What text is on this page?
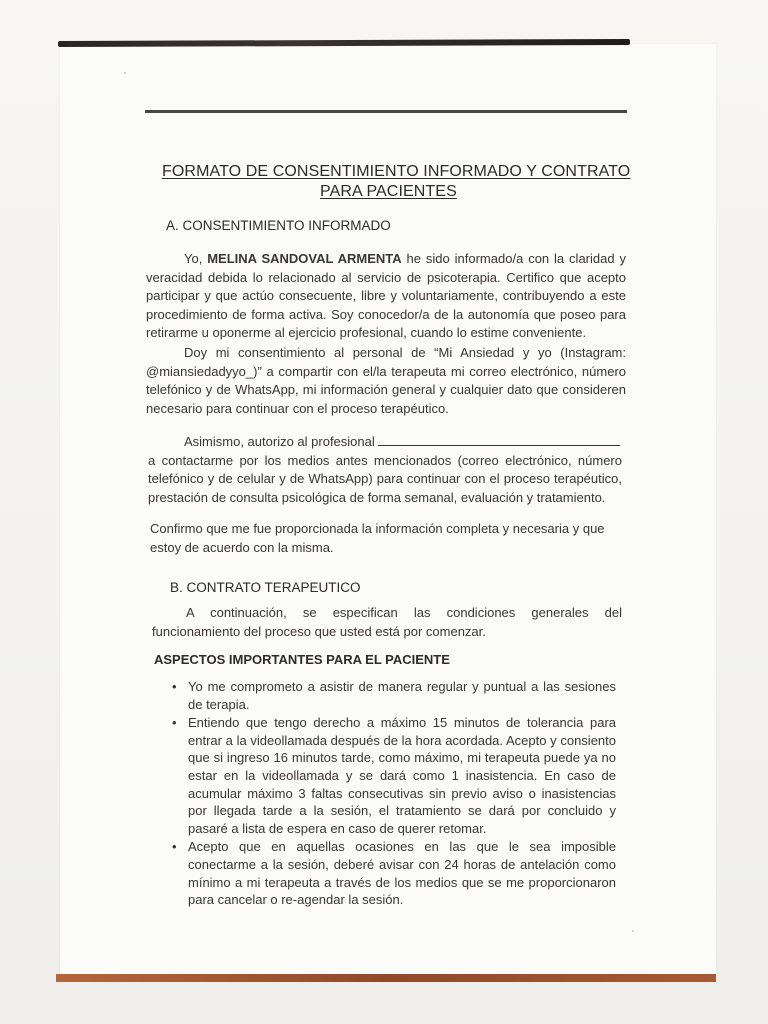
FORMATO DE CONSENTIMIENTO INFORMADO Y CONTRATO
PARA PACIENTES
A. CONSENTIMIENTO INFORMADO
Yo, MELINA SANDOVAL ARMENTA he sido informado/a con la claridad y veracidad debida lo relacionado al servicio de psicoterapia. Certifico que acepto participar y que actúo consecuente, libre y voluntariamente, contribuyendo a este procedimiento de forma activa. Soy conocedor/a de la autonomía que poseo para retirarme u oponerme al ejercicio profesional, cuando lo estime conveniente.
Doy mi consentimiento al personal de “Mi Ansiedad y yo (Instagram: @miansiedadyyo_)” a compartir con el/la terapeuta mi correo electrónico, número telefónico y de WhatsApp, mi información general y cualquier dato que consideren necesario para continuar con el proceso terapéutico.
Asimismo, autorizo al profesional
a contactarme por los medios antes mencionados (correo electrónico, número telefónico y de celular y de WhatsApp) para continuar con el proceso terapéutico, prestación de consulta psicológica de forma semanal, evaluación y tratamiento.
Confirmo que me fue proporcionada la información completa y necesaria y que estoy de acuerdo con la misma.
B. CONTRATO TERAPEUTICO
A continuación, se especifican las condiciones generales del funcionamiento del proceso que usted está por comenzar.
ASPECTOS IMPORTANTES PARA EL PACIENTE
• Yo me comprometo a asistir de manera regular y puntual a las sesiones de terapia.
• Entiendo que tengo derecho a máximo 15 minutos de tolerancia para entrar a la videollamada después de la hora acordada. Acepto y consiento que si ingreso 16 minutos tarde, como máximo, mi terapeuta puede ya no estar en la videollamada y se dará como 1 inasistencia. En caso de acumular máximo 3 faltas consecutivas sin previo aviso o inasistencias por llegada tarde a la sesión, el tratamiento se dará por concluido y pasaré a lista de espera en caso de querer retomar.
• Acepto que en aquellas ocasiones en las que le sea imposible conectarme a la sesión, deberé avisar con 24 horas de antelación como mínimo a mi terapeuta a través de los medios que se me proporcionaron para cancelar o re-agendar la sesión.
